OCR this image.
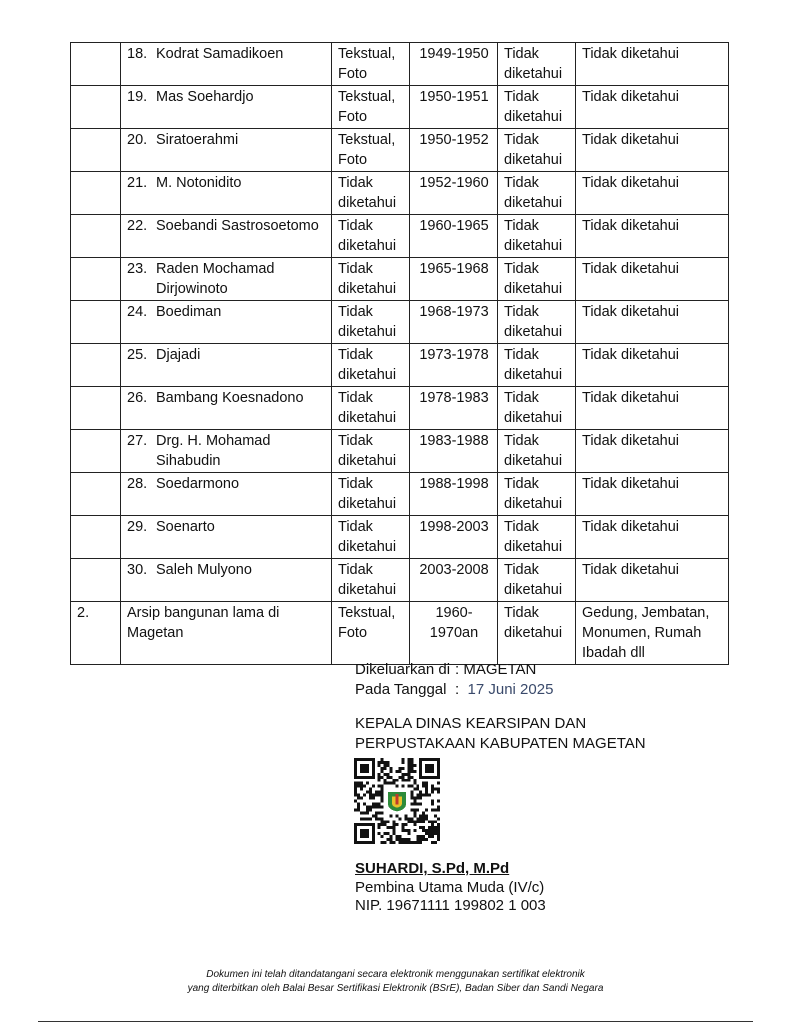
	18. Kodrat Samadikoen	Tekstual, Foto	1949-1950	Tidak diketahui	Tidak diketahui

	19. Mas Soehardjo	Tekstual, Foto	1950-1951	Tidak diketahui	Tidak diketahui

	20. Siratoerahmi	Tekstual, Foto	1950-1952	Tidak diketahui	Tidak diketahui

	21. M. Notonidito	Tidak diketahui	1952-1960	Tidak diketahui	Tidak diketahui

	22. Soebandi Sastrosoetomo	Tidak diketahui	1960-1965	Tidak diketahui	Tidak diketahui

	23. Raden Mochamad Dirjowinoto	Tidak diketahui	1965-1968	Tidak diketahui	Tidak diketahui

	24. Boediman	Tidak diketahui	1968-1973	Tidak diketahui	Tidak diketahui

	25. Djajadi	Tidak diketahui	1973-1978	Tidak diketahui	Tidak diketahui

	26. Bambang Koesnadono	Tidak diketahui	1978-1983	Tidak diketahui	Tidak diketahui

	27. Drg. H. Mohamad Sihabudin	Tidak diketahui	1983-1988	Tidak diketahui	Tidak diketahui

	28. Soedarmono	Tidak diketahui	1988-1998	Tidak diketahui	Tidak diketahui

	29. Soenarto	Tidak diketahui	1998-2003	Tidak diketahui	Tidak diketahui

	30. Saleh Mulyono	Tidak diketahui	2003-2008	Tidak diketahui	Tidak diketahui
2.	Arsip bangunan lama di Magetan	Tekstual, Foto	1960-1970an	Tidak diketahui	Gedung, Jembatan, Monumen, Rumah Ibadah dll
Dikeluarkan di : MAGETAN
Pada Tanggal : 17 Juni 2025
KEPALA DINAS KEARSIPAN DAN
PERPUSTAKAAN KABUPATEN MAGETAN
SUHARDI, S.Pd, M.Pd
Pembina Utama Muda (IV/c)
NIP. 19671111 199802 1 003
Dokumen ini telah ditandatangani secara elektronik menggunakan sertifikat elektronik
yang diterbitkan oleh Balai Besar Sertifikasi Elektronik (BSrE), Badan Siber dan Sandi Negara
